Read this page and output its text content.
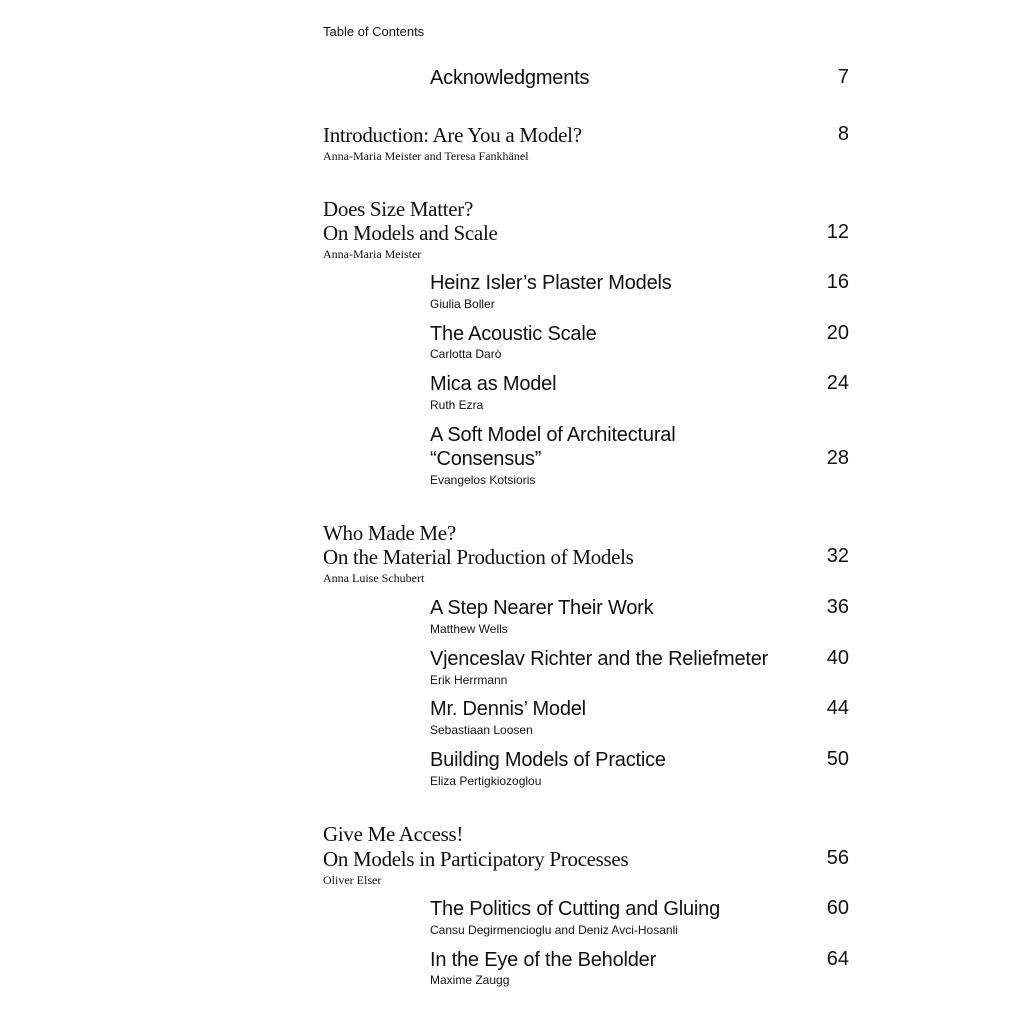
Table of Contents
Acknowledgments	7
Introduction: Are You a Model?
Anna-Maria Meister and Teresa Fankhänel
8
Does Size Matter?
On Models and Scale
Anna-Maria Meister
12
Heinz Isler’s Plaster Models
Giulia Boller
16
The Acoustic Scale
Carlotta Darò
20
Mica as Model
Ruth Ezra
24
A Soft Model of Architectural
“Consensus”
Evangelos Kotsioris
28
Who Made Me?
On the Material Production of Models
Anna Luise Schubert
32
A Step Nearer Their Work
Matthew Wells
36
Vjenceslav Richter and the Reliefmeter
Erik Herrmann
40
Mr. Dennis’ Model
Sebastiaan Loosen
44
Building Models of Practice
Eliza Pertigkiozoglou
50
Give Me Access!
On Models in Participatory Processes
Oliver Elser
56
The Politics of Cutting and Gluing
Cansu Degirmencioglu and Deniz Avci-Hosanli
60
In the Eye of the Beholder
Maxime Zaugg
64
